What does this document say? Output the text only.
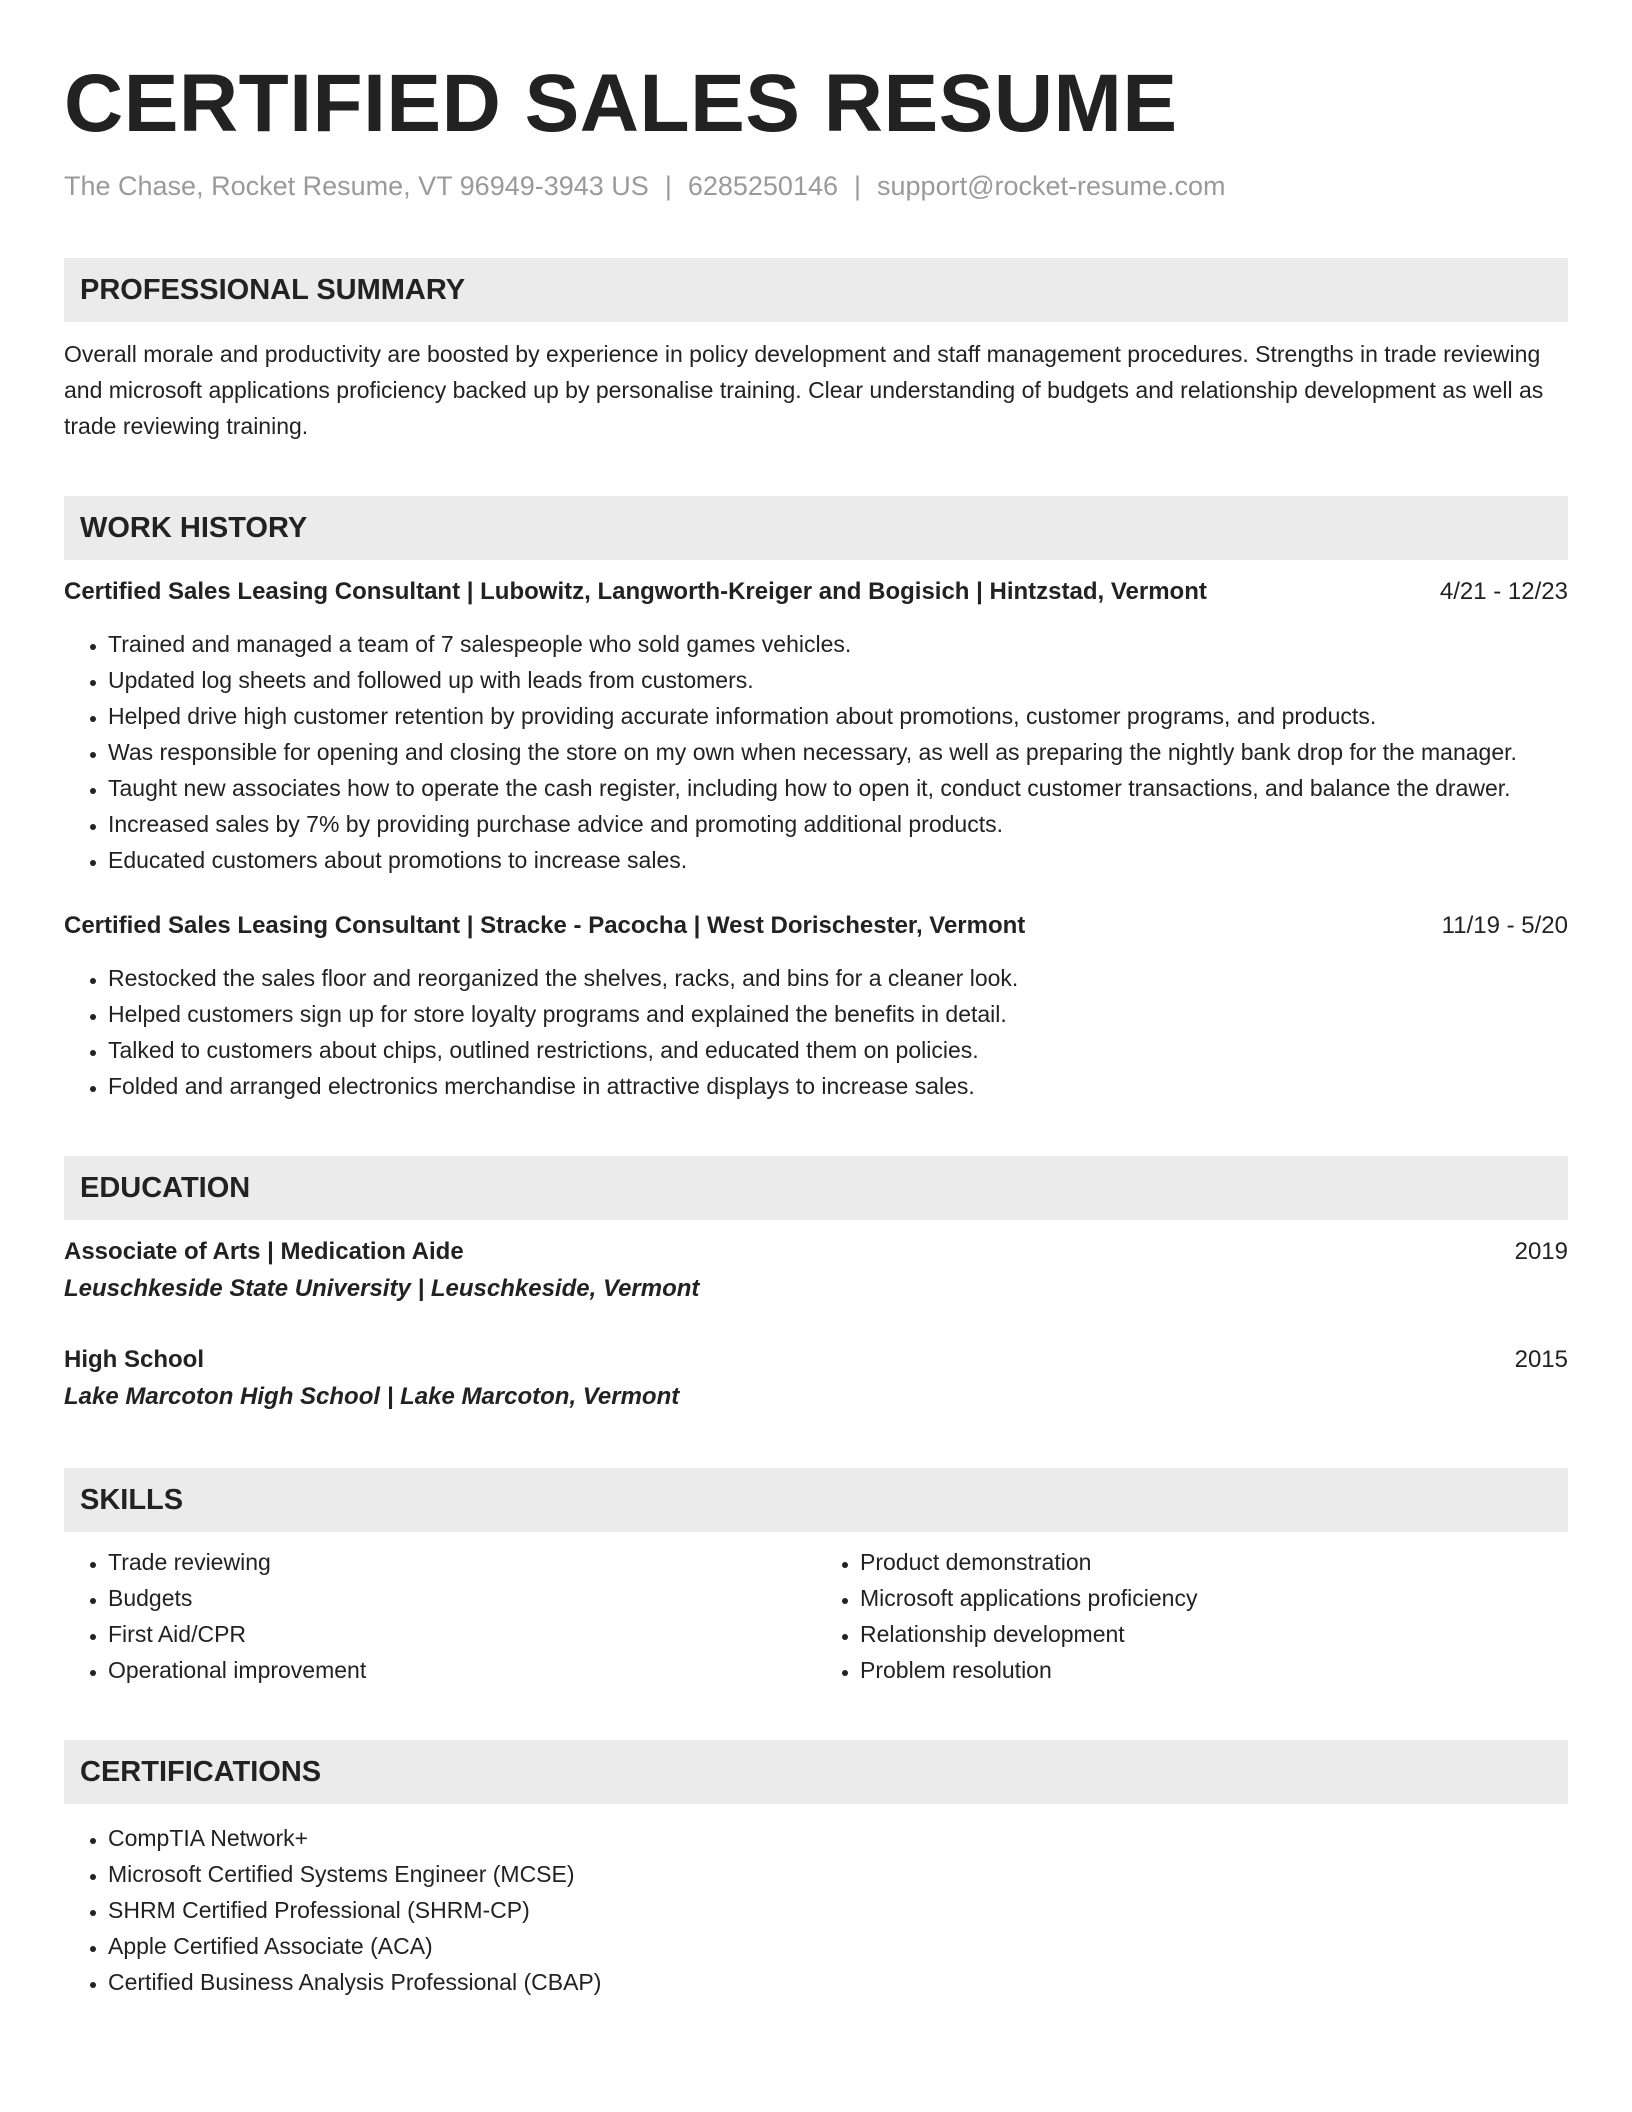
CERTIFIED SALES RESUME
The Chase, Rocket Resume, VT 96949-3943 US | 6285250146 | support@rocket-resume.com
PROFESSIONAL SUMMARY
Overall morale and productivity are boosted by experience in policy development and staff management procedures. Strengths in trade reviewing and microsoft applications proficiency backed up by personalise training. Clear understanding of budgets and relationship development as well as trade reviewing training.
WORK HISTORY
Certified Sales Leasing Consultant | Lubowitz, Langworth-Kreiger and Bogisich | Hintzstad, Vermont	4/21 - 12/23
• Trained and managed a team of 7 salespeople who sold games vehicles.
• Updated log sheets and followed up with leads from customers.
• Helped drive high customer retention by providing accurate information about promotions, customer programs, and products.
• Was responsible for opening and closing the store on my own when necessary, as well as preparing the nightly bank drop for the manager.
• Taught new associates how to operate the cash register, including how to open it, conduct customer transactions, and balance the drawer.
• Increased sales by 7% by providing purchase advice and promoting additional products.
• Educated customers about promotions to increase sales.
Certified Sales Leasing Consultant | Stracke - Pacocha | West Dorischester, Vermont	11/19 - 5/20
• Restocked the sales floor and reorganized the shelves, racks, and bins for a cleaner look.
• Helped customers sign up for store loyalty programs and explained the benefits in detail.
• Talked to customers about chips, outlined restrictions, and educated them on policies.
• Folded and arranged electronics merchandise in attractive displays to increase sales.
EDUCATION
Associate of Arts | Medication Aide	2019
Leuschkeside State University | Leuschkeside, Vermont
High School	2015
Lake Marcoton High School | Lake Marcoton, Vermont
SKILLS
• Trade reviewing
• Budgets
• First Aid/CPR
• Operational improvement
• Product demonstration
• Microsoft applications proficiency
• Relationship development
• Problem resolution
CERTIFICATIONS
• CompTIA Network+
• Microsoft Certified Systems Engineer (MCSE)
• SHRM Certified Professional (SHRM-CP)
• Apple Certified Associate (ACA)
• Certified Business Analysis Professional (CBAP)
